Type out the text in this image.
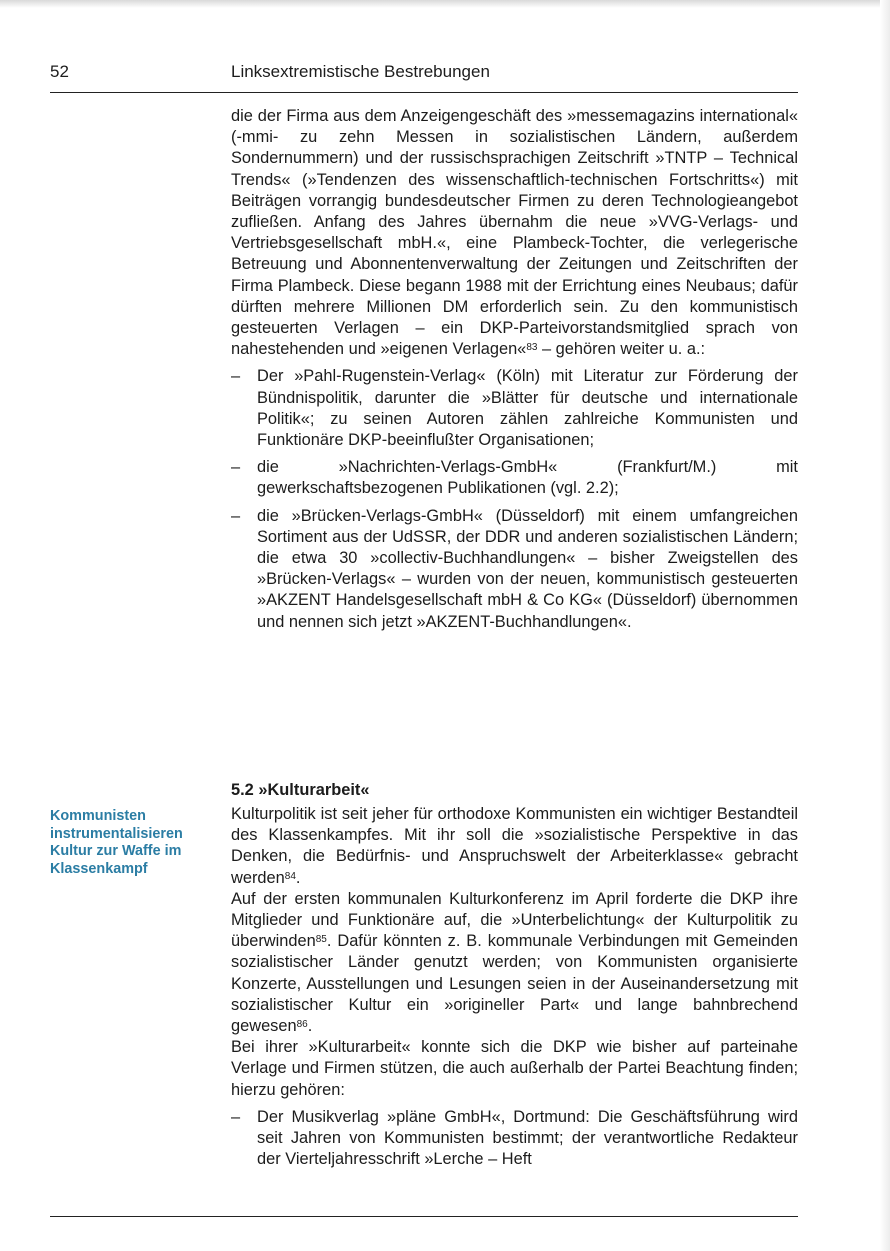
52	Linksextremistische Bestrebungen

die der Firma aus dem Anzeigengeschäft des »messemagazins international« (-mmi- zu zehn Messen in sozialistischen Ländern, außerdem Sondernummern) und der russischsprachigen Zeitschrift »TNTP – Technical Trends« (»Tendenzen des wissenschaftlich-technischen Fortschritts«) mit Beiträgen vorrangig bundesdeutscher Firmen zu deren Technologieangebot zufließen. Anfang des Jahres übernahm die neue »VVG-Verlags- und Vertriebsgesellschaft mbH.«, eine Plambeck-Tochter, die verlegerische Betreuung und Abonnentenverwaltung der Zeitungen und Zeitschriften der Firma Plambeck. Diese begann 1988 mit der Errichtung eines Neubaus; dafür dürften mehrere Millionen DM erforderlich sein. Zu den kommunistisch gesteuerten Verlagen – ein DKP-Parteivorstandsmitglied sprach von nahestehenden und »eigenen Verlagen«$^{83}$ – gehören weiter u. a.:

– Der »Pahl-Rugenstein-Verlag« (Köln) mit Literatur zur Förderung der Bündnispolitik, darunter die »Blätter für deutsche und internationale Politik«; zu seinen Autoren zählen zahlreiche Kommunisten und Funktionäre DKP-beeinflußter Organisationen;
– die »Nachrichten-Verlags-GmbH« (Frankfurt/M.) mit gewerkschaftsbezogenen Publikationen (vgl. 2.2);
– die »Brücken-Verlags-GmbH« (Düsseldorf) mit einem umfangreichen Sortiment aus der UdSSR, der DDR und anderen sozialistischen Ländern; die etwa 30 »collectiv-Buchhandlungen« – bisher Zweigstellen des »Brücken-Verlags« – wurden von der neuen, kommunistisch gesteuerten »AKZENT Handelsgesellschaft mbH & Co KG« (Düsseldorf) übernommen und nennen sich jetzt »AKZENT-Buchhandlungen«.
5.2 »Kulturarbeit«
Kommunisten instrumentalisieren Kultur zur Waffe im Klassenkampf

Kulturpolitik ist seit jeher für orthodoxe Kommunisten ein wichtiger Bestandteil des Klassenkampfes. Mit ihr soll die »sozialistische Perspektive in das Denken, die Bedürfnis- und Anspruchswelt der Arbeiterklasse« gebracht werden$^{84}$.

Auf der ersten kommunalen Kulturkonferenz im April forderte die DKP ihre Mitglieder und Funktionäre auf, die »Unterbelichtung« der Kulturpolitik zu überwinden$^{85}$. Dafür könnten z. B. kommunale Verbindungen mit Gemeinden sozialistischer Länder genutzt werden; von Kommunisten organisierte Konzerte, Ausstellungen und Lesungen seien in der Auseinandersetzung mit sozialistischer Kultur ein »origineller Part« und lange bahnbrechend gewesen$^{86}$.

Bei ihrer »Kulturarbeit« konnte sich die DKP wie bisher auf parteinahe Verlage und Firmen stützen, die auch außerhalb der Partei Beachtung finden; hierzu gehören:

– Der Musikverlag »pläne GmbH«, Dortmund: Die Geschäftsführung wird seit Jahren von Kommunisten bestimmt; der verantwortliche Redakteur der Vierteljahresschrift »Lerche – Heft
